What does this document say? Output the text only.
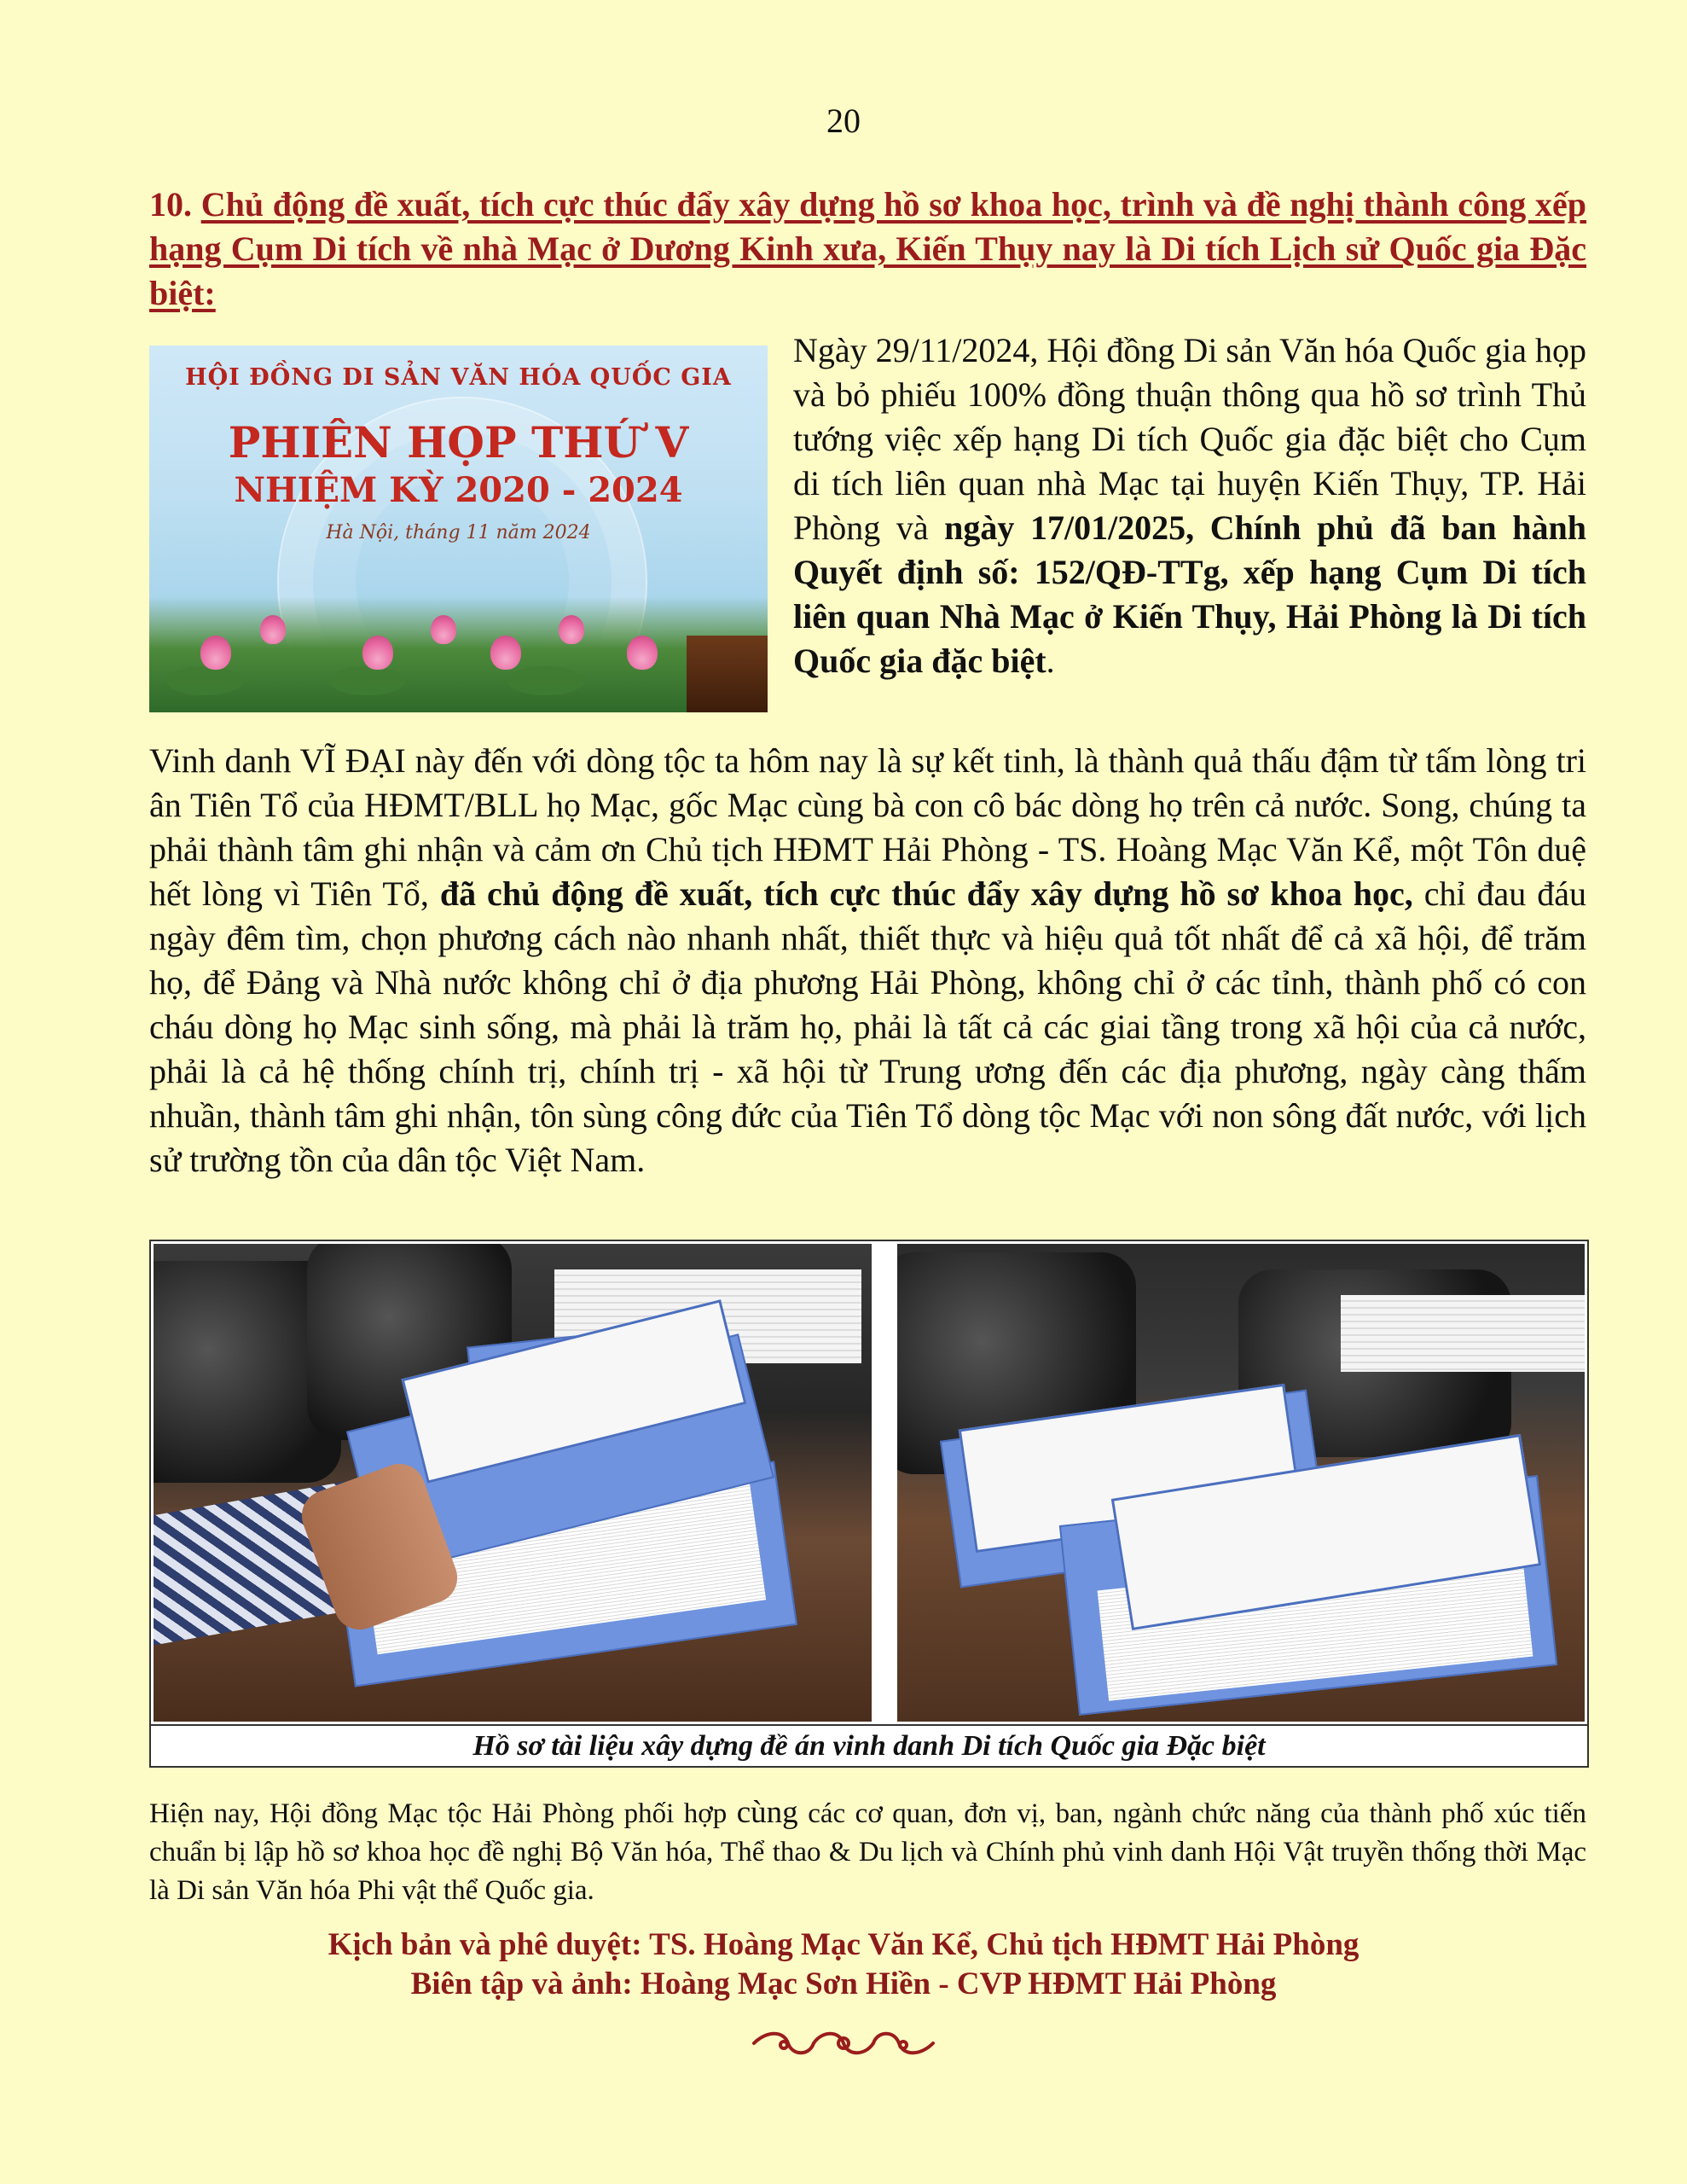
20
10. Chủ động đề xuất, tích cực thúc đẩy xây dựng hồ sơ khoa học, trình và đề nghị thành công xếp hạng Cụm Di tích về nhà Mạc ở Dương Kinh xưa, Kiến Thụy nay là Di tích Lịch sử Quốc gia Đặc biệt:
HỘI ĐỒNG DI SẢN VĂN HÓA QUỐC GIA
PHIÊN HỌP THỨ V
NHIỆM KỲ 2020 - 2024
Hà Nội, tháng 11 năm 2024
Ngày 29/11/2024, Hội đồng Di sản Văn hóa Quốc gia họp và bỏ phiếu 100% đồng thuận thông qua hồ sơ trình Thủ tướng việc xếp hạng Di tích Quốc gia đặc biệt cho Cụm di tích liên quan nhà Mạc tại huyện Kiến Thụy, TP. Hải Phòng và ngày 17/01/2025, Chính phủ đã ban hành Quyết định số: 152/QĐ-TTg, xếp hạng Cụm Di tích liên quan Nhà Mạc ở Kiến Thụy, Hải Phòng là Di tích Quốc gia đặc biệt.
Vinh danh VĨ ĐẠI này đến với dòng tộc ta hôm nay là sự kết tinh, là thành quả thấu đậm từ tấm lòng tri ân Tiên Tổ của HĐMT/BLL họ Mạc, gốc Mạc cùng bà con cô bác dòng họ trên cả nước. Song, chúng ta phải thành tâm ghi nhận và cảm ơn Chủ tịch HĐMT Hải Phòng - TS. Hoàng Mạc Văn Kể, một Tôn duệ hết lòng vì Tiên Tổ, đã chủ động đề xuất, tích cực thúc đẩy xây dựng hồ sơ khoa học, chỉ đau đáu ngày đêm tìm, chọn phương cách nào nhanh nhất, thiết thực và hiệu quả tốt nhất để cả xã hội, để trăm họ, để Đảng và Nhà nước không chỉ ở địa phương Hải Phòng, không chỉ ở các tỉnh, thành phố có con cháu dòng họ Mạc sinh sống, mà phải là trăm họ, phải là tất cả các giai tầng trong xã hội của cả nước, phải là cả hệ thống chính trị, chính trị - xã hội từ Trung ương đến các địa phương, ngày càng thấm nhuần, thành tâm ghi nhận, tôn sùng công đức của Tiên Tổ dòng tộc Mạc với non sông đất nước, với lịch sử trường tồn của dân tộc Việt Nam.
Hồ sơ tài liệu xây dựng đề án vinh danh Di tích Quốc gia Đặc biệt
Hiện nay, Hội đồng Mạc tộc Hải Phòng phối hợp cùng các cơ quan, đơn vị, ban, ngành chức năng của thành phố xúc tiến chuẩn bị lập hồ sơ khoa học đề nghị Bộ Văn hóa, Thể thao & Du lịch và Chính phủ vinh danh Hội Vật truyền thống thời Mạc là Di sản Văn hóa Phi vật thể Quốc gia.
Kịch bản và phê duyệt: TS. Hoàng Mạc Văn Kể, Chủ tịch HĐMT Hải Phòng
Biên tập và ảnh: Hoàng Mạc Sơn Hiền - CVP HĐMT Hải Phòng
